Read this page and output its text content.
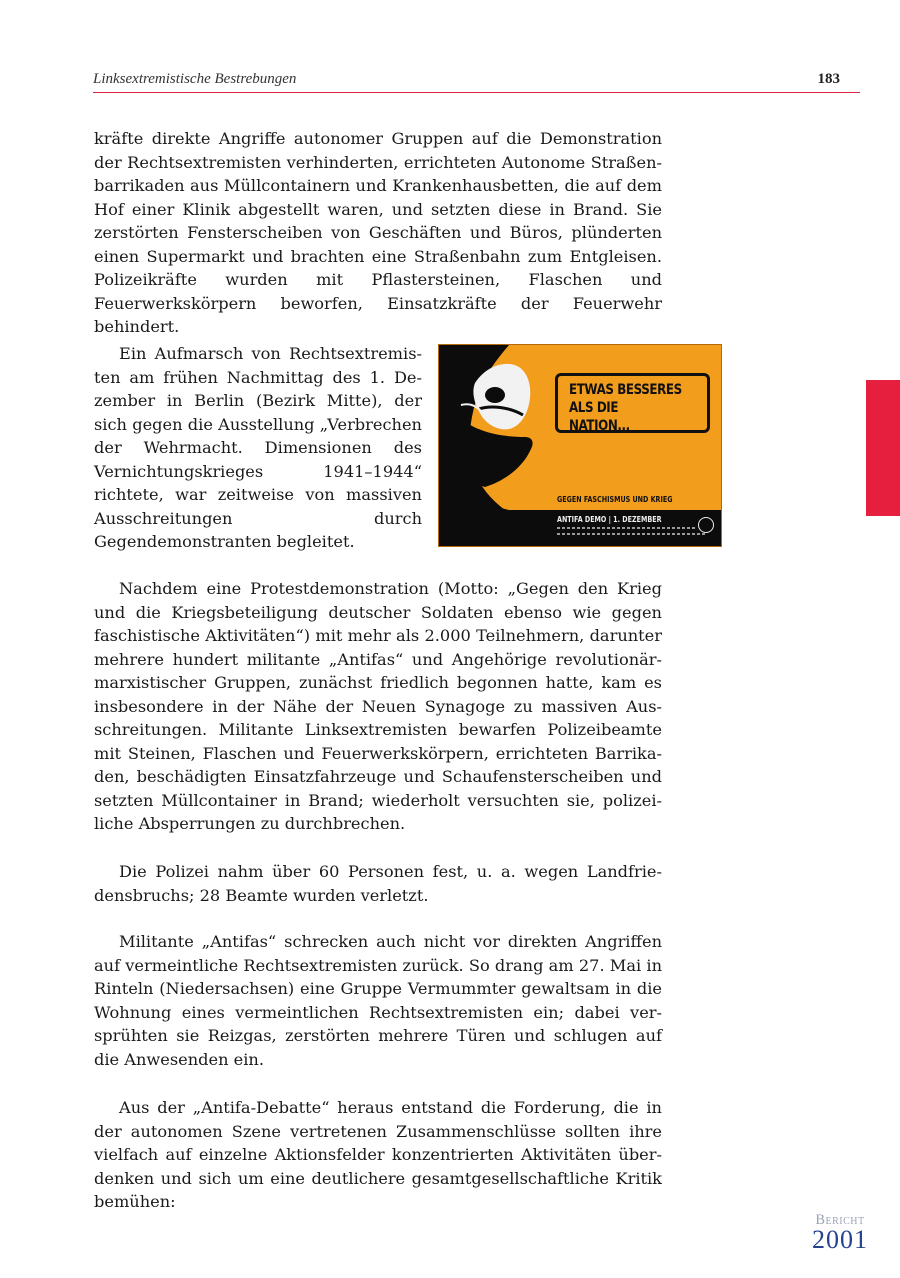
Linksextremistische Bestrebungen	183

kräfte direkte Angriffe autonomer Gruppen auf die Demonstration der Rechtsextremisten verhinderten, errichteten Autonome Straßenbarrikaden aus Müllcontainern und Krankenhausbetten, die auf dem Hof einer Klinik abgestellt waren, und setzten diese in Brand. Sie zerstörten Fensterscheiben von Geschäften und Büros, plünderten einen Supermarkt und brachten eine Straßenbahn zum Entgleisen. Polizeikräfte wurden mit Pflastersteinen, Flaschen und Feuerwerkskörpern beworfen, Einsatzkräfte der Feuerwehr behindert.

Ein Aufmarsch von Rechtsextremisten am frühen Nachmittag des 1. Dezember in Berlin (Bezirk Mitte), der sich gegen die Ausstellung „Verbrechen der Wehrmacht. Dimensionen des Vernichtungskrieges 1941–1944“ richtete, war zeitweise von massiven Ausschreitungen durch Gegendemonstranten begleitet.

ETWAS BESSERES
ALS DIE NATION...
GEGEN FASCHISMUS UND KRIEG
ANTIFA DEMO | 1. DEZEMBER

Nachdem eine Protestdemonstration (Motto: „Gegen den Krieg und die Kriegsbeteiligung deutscher Soldaten ebenso wie gegen faschistische Aktivitäten“) mit mehr als 2.000 Teilnehmern, darunter mehrere hundert militante „Antifas“ und Angehörige revolutionärmarxistischer Gruppen, zunächst friedlich begonnen hatte, kam es insbesondere in der Nähe der Neuen Synagoge zu massiven Ausschreitungen. Militante Linksextremisten bewarfen Polizeibeamte mit Steinen, Flaschen und Feuerwerkskörpern, errichteten Barrikaden, beschädigten Einsatzfahrzeuge und Schaufensterscheiben und setzten Müllcontainer in Brand; wiederholt versuchten sie, polizeiliche Absperrungen zu durchbrechen.

Die Polizei nahm über 60 Personen fest, u. a. wegen Landfriedensbruchs; 28 Beamte wurden verletzt.

Militante „Antifas“ schrecken auch nicht vor direkten Angriffen auf vermeintliche Rechtsextremisten zurück. So drang am 27. Mai in Rinteln (Niedersachsen) eine Gruppe Vermummter gewaltsam in die Wohnung eines vermeintlichen Rechtsextremisten ein; dabei versprühten sie Reizgas, zerstörten mehrere Türen und schlugen auf die Anwesenden ein.

Aus der „Antifa-Debatte“ heraus entstand die Forderung, die in der autonomen Szene vertretenen Zusammenschlüsse sollten ihre vielfach auf einzelne Aktionsfelder konzentrierten Aktivitäten überdenken und sich um eine deutlichere gesamtgesellschaftliche Kritik bemühen:

Bericht
2001
